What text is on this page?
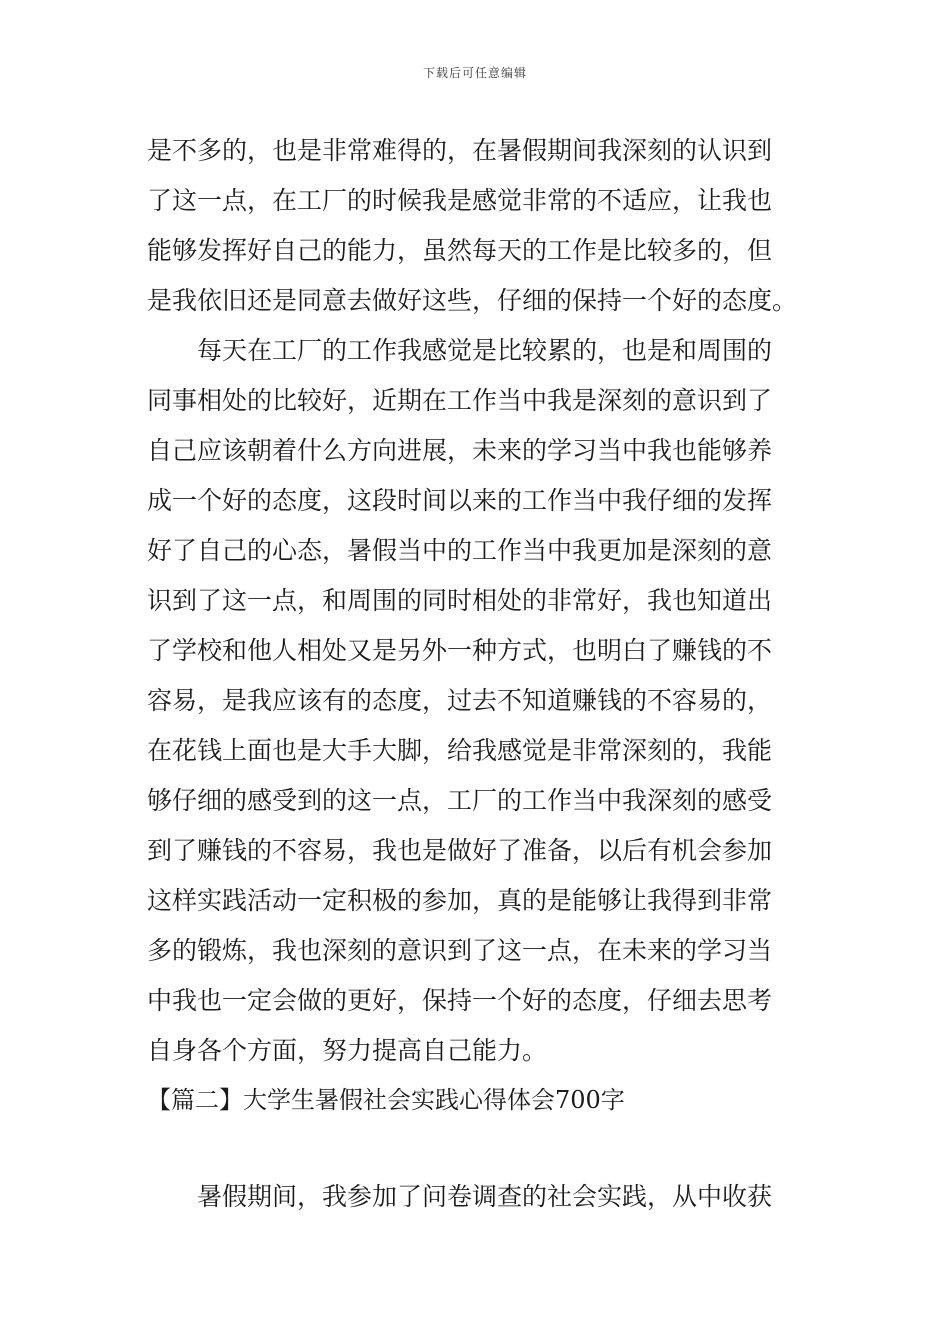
下载后可任意编辑
是不多的，也是非常难得的，在暑假期间我深刻的认识到
了这一点，在工厂的时候我是感觉非常的不适应，让我也
能够发挥好自己的能力，虽然每天的工作是比较多的，但
是我依旧还是同意去做好这些，仔细的保持一个好的态度。
每天在工厂的工作我感觉是比较累的，也是和周围的
同事相处的比较好，近期在工作当中我是深刻的意识到了
自己应该朝着什么方向进展，未来的学习当中我也能够养
成一个好的态度，这段时间以来的工作当中我仔细的发挥
好了自己的心态，暑假当中的工作当中我更加是深刻的意
识到了这一点，和周围的同时相处的非常好，我也知道出
了学校和他人相处又是另外一种方式，也明白了赚钱的不
容易，是我应该有的态度，过去不知道赚钱的不容易的，
在花钱上面也是大手大脚，给我感觉是非常深刻的，我能
够仔细的感受到的这一点，工厂的工作当中我深刻的感受
到了赚钱的不容易，我也是做好了准备，以后有机会参加
这样实践活动一定积极的参加，真的是能够让我得到非常
多的锻炼，我也深刻的意识到了这一点，在未来的学习当
中我也一定会做的更好，保持一个好的态度，仔细去思考
自身各个方面，努力提高自己能力。
【篇二】大学生暑假社会实践心得体会700字
暑假期间，我参加了问卷调查的社会实践，从中收获
